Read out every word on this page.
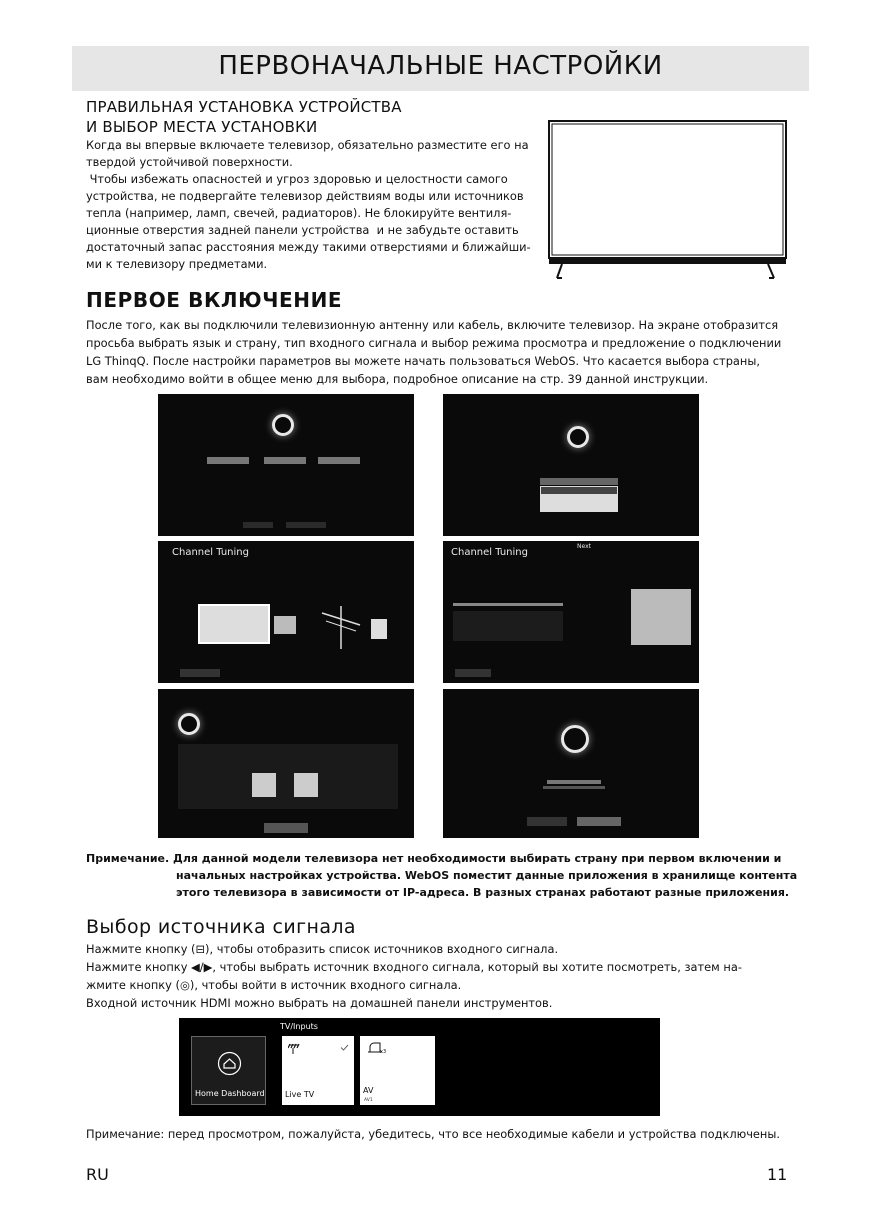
ПЕРВОНАЧАЛЬНЫЕ НАСТРОЙКИ
ПРАВИЛЬНАЯ УСТАНОВКА УСТРОЙСТВА
И ВЫБОР МЕСТА УСТАНОВКИ

Когда вы впервые включаете телевизор, обязательно разместите его на

твердой устойчивой поверхности.

Чтобы избежать опасностей и угроз здоровью и целостности самого

устройства, не подвергайте телевизор действиям воды или источников

тепла (например, ламп, свечей, радиаторов). Не блокируйте вентиля-

ционные отверстия задней панели устройства  и не забудьте оставить

достаточный запас расстояния между такими отверстиями и ближайши-

ми к телевизору предметами.

ПЕРВОЕ ВКЛЮЧЕНИЕ

После того, как вы подключили телевизионную антенну или кабель, включите телевизор. На экране отобразится

просьба выбрать язык и страну, тип входного сигнала и выбор режима просмотра и предложение о подключении

LG ThinqQ. После настройки параметров вы можете начать пользоваться WebOS. Что касается выбора страны,

вам необходимо войти в общее меню для выбора, подробное описание на стр. 39 данной инструкции.

Channel Tuning	Channel Tuning
Next

Примечание. Для данной модели телевизора нет необходимости выбирать страну при первом включении и

начальных настройках устройства. WebOS поместит данные приложения в хранилище контента

этого телевизора в зависимости от IP-адреса. В разных странах работают разные приложения.

Выбор источника сигнала

Нажмите кнопку (⊟), чтобы отобразить список источников входного сигнала.

Нажмите кнопку ◀/▶, чтобы выбрать источник входного сигнала, который вы хотите посмотреть, затем на-

жмите кнопку (◎), чтобы войти в источник входного сигнала.

Входной источник HDMI можно выбрать на домашней панели инструментов.

TV/Inputs
Home Dashboard	Live TV
x3
AV
AV1
Примечание: перед просмотром, пожалуйста, убедитесь, что все необходимые кабели и устройства подключены.
RU	11
